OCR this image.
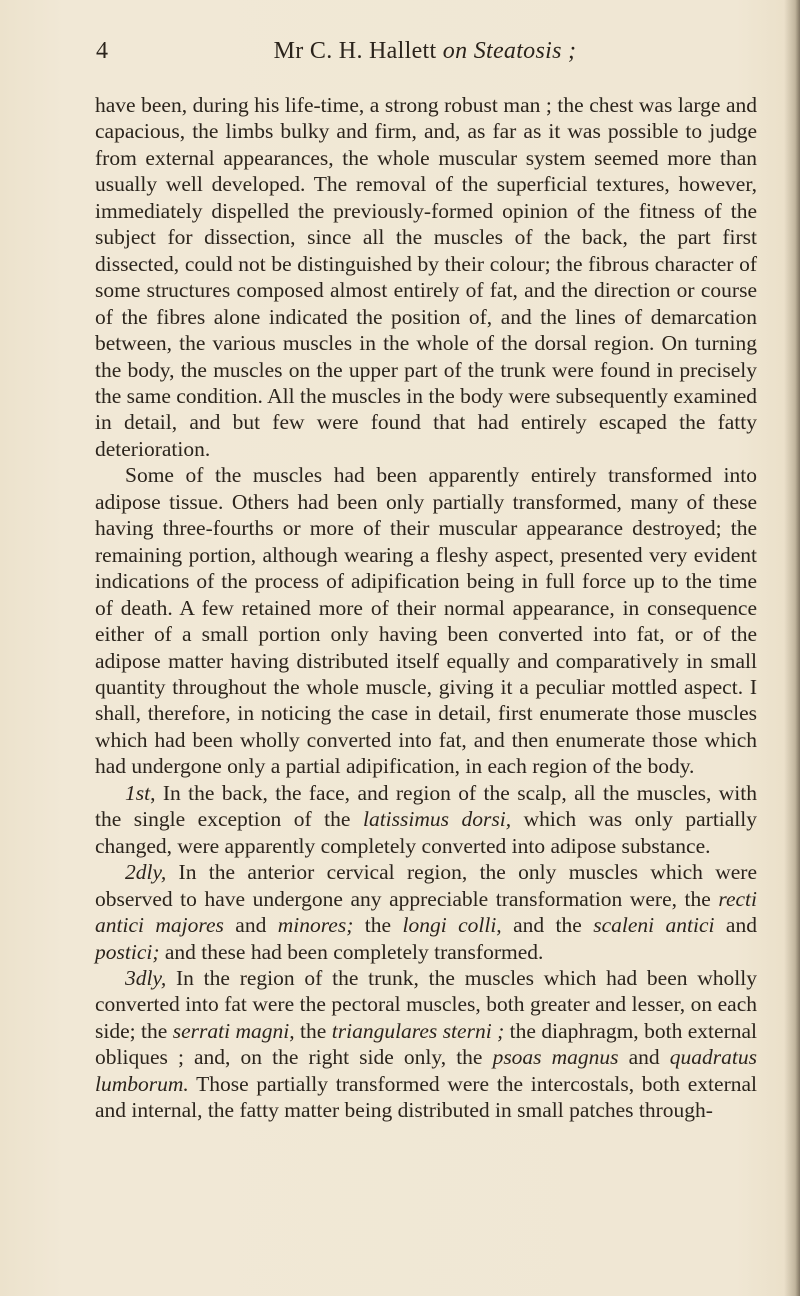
4	Mr C. H. Hallett on Steatosis ;

have been, during his life-time, a strong robust man ; the chest was large and capacious, the limbs bulky and firm, and, as far as it was possible to judge from external appearances, the whole muscular system seemed more than usually well developed. The removal of the superficial textures, however, immediately dispelled the previously-formed opinion of the fitness of the subject for dissection, since all the muscles of the back, the part first dissected, could not be distinguished by their colour; the fibrous character of some structures composed almost entirely of fat, and the direction or course of the fibres alone indicated the position of, and the lines of demarcation between, the various muscles in the whole of the dorsal region. On turning the body, the muscles on the upper part of the trunk were found in precisely the same condition. All the muscles in the body were subsequently examined in detail, and but few were found that had entirely escaped the fatty deterioration.

Some of the muscles had been apparently entirely transformed into adipose tissue. Others had been only partially transformed, many of these having three-fourths or more of their muscular appearance destroyed; the remaining portion, although wearing a fleshy aspect, presented very evident indications of the process of adipification being in full force up to the time of death. A few retained more of their normal appearance, in consequence either of a small portion only having been converted into fat, or of the adipose matter having distributed itself equally and comparatively in small quantity throughout the whole muscle, giving it a peculiar mottled aspect. I shall, therefore, in noticing the case in detail, first enumerate those muscles which had been wholly converted into fat, and then enumerate those which had undergone only a partial adipification, in each region of the body.

1st, In the back, the face, and region of the scalp, all the muscles, with the single exception of the latissimus dorsi, which was only partially changed, were apparently completely converted into adipose substance.

2dly, In the anterior cervical region, the only muscles which were observed to have undergone any appreciable transformation were, the recti antici majores and minores; the longi colli, and the scaleni antici and postici; and these had been completely transformed.

3dly, In the region of the trunk, the muscles which had been wholly converted into fat were the pectoral muscles, both greater and lesser, on each side; the serrati magni, the triangulares sterni ; the diaphragm, both external obliques ; and, on the right side only, the psoas magnus and quadratus lumborum. Those partially transformed were the intercostals, both external and internal, the fatty matter being distributed in small patches through-
